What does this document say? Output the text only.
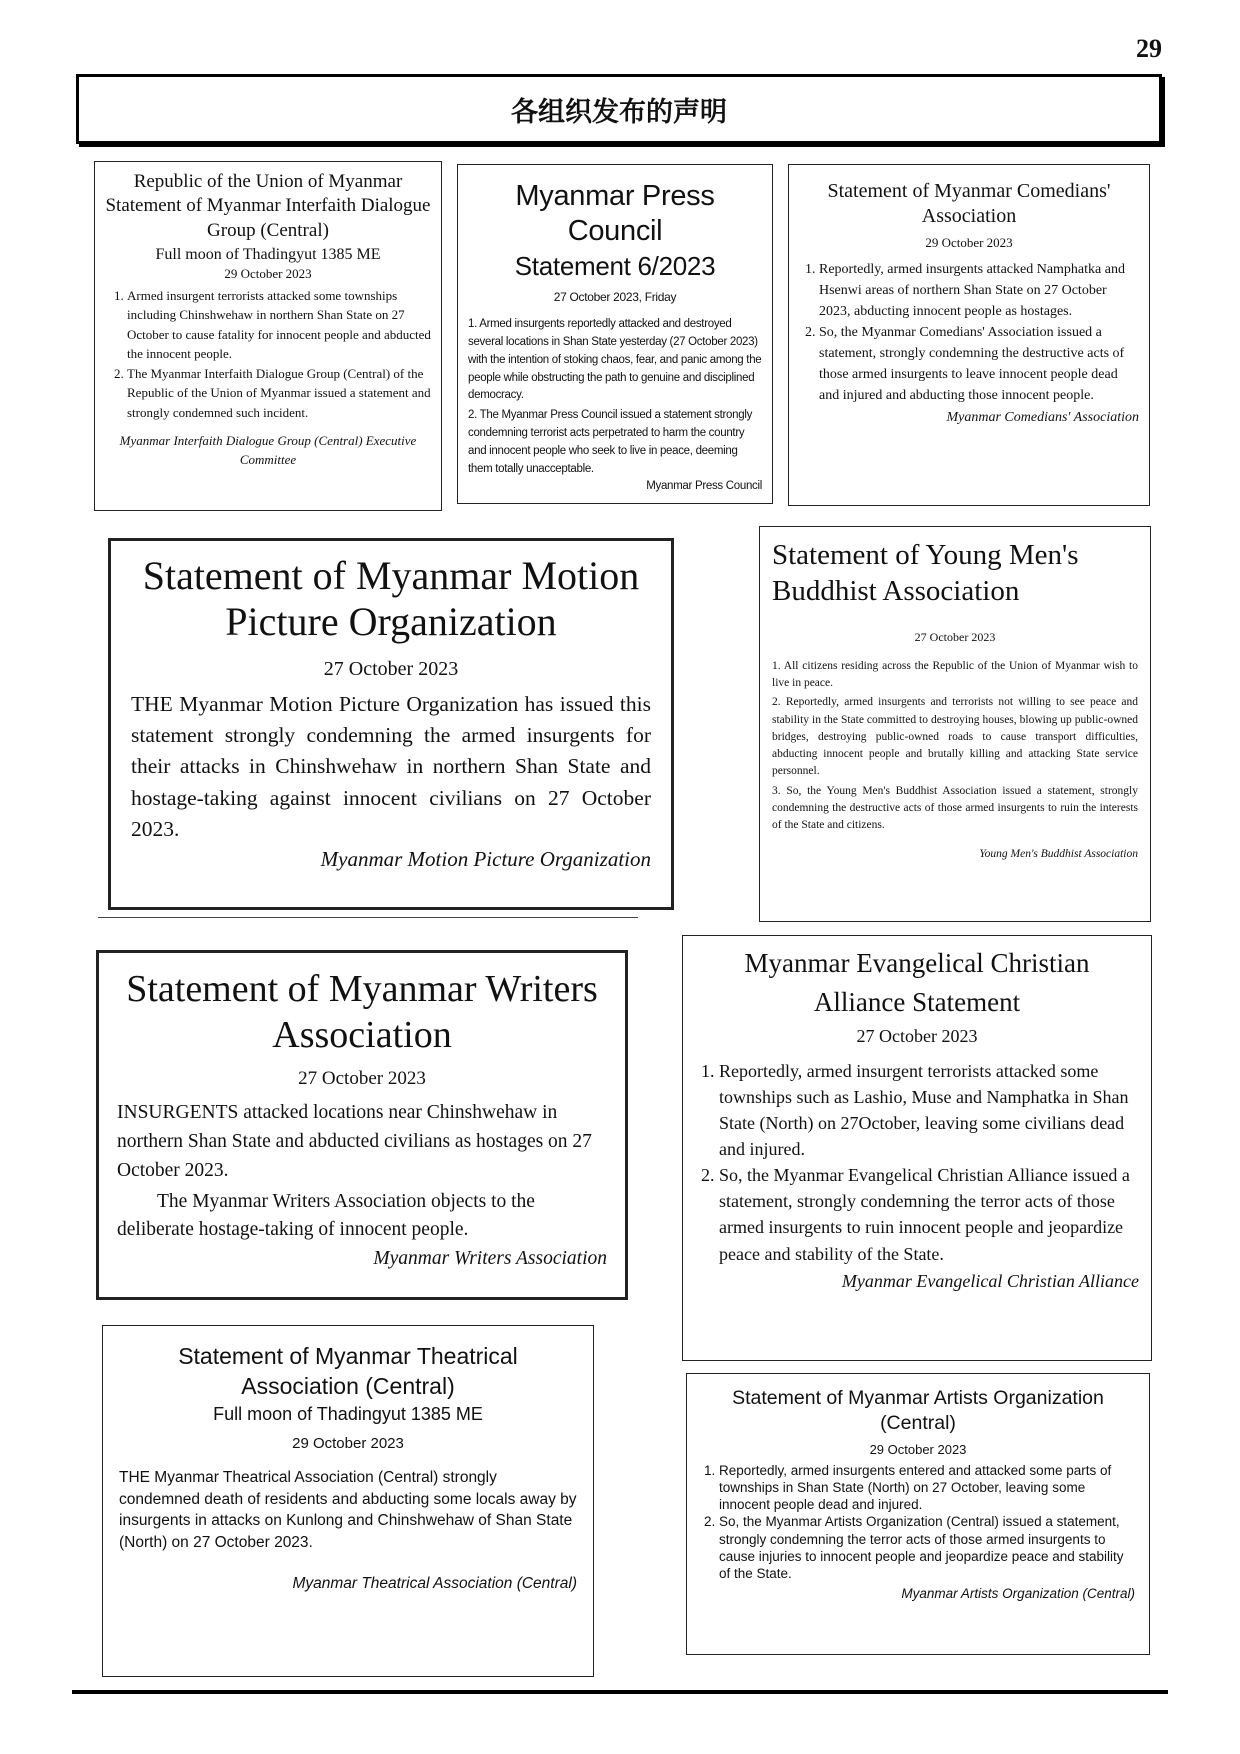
29
各组织发布的声明

Republic of the Union of Myanmar Statement of Myanmar Interfaith Dialogue Group (Central)

Full moon of Thadingyut 1385 ME

29 October 2023

1. Armed insurgent terrorists attacked some townships including Chinshwehaw in northern Shan State on 27 October to cause fatality for innocent people and abducted the innocent people.
2. The Myanmar Interfaith Dialogue Group (Central) of the Republic of the Union of Myanmar issued a statement and strongly condemned such incident.

Myanmar Interfaith Dialogue Group (Central) Executive Committee

Myanmar Press Council

Statement 6/2023

27 October 2023, Friday

1. Armed insurgents reportedly attacked and destroyed several locations in Shan State yesterday (27 October 2023) with the intention of stoking chaos, fear, and panic among the people while obstructing the path to genuine and disciplined democracy.

2. The Myanmar Press Council issued a statement strongly condemning terrorist acts perpetrated to harm the country and innocent people who seek to live in peace, deeming them totally unacceptable.

Myanmar Press Council

Statement of Myanmar Comedians' Association

29 October 2023

1. Reportedly, armed insurgents attacked Namphatka and Hsenwi areas of northern Shan State on 27 October 2023, abducting innocent people as hostages.
2. So, the Myanmar Comedians' Association issued a statement, strongly condemning the destructive acts of those armed insurgents to leave innocent people dead and injured and abducting those innocent people.

Myanmar Comedians' Association

Statement of Myanmar Motion Picture Organization

27 October 2023

THE Myanmar Motion Picture Organization has issued this statement strongly condemning the armed insurgents for their attacks in Chinshwehaw in northern Shan State and hostage-taking against innocent civilians on 27 October 2023.

Myanmar Motion Picture Organization

Statement of Young Men's Buddhist Association

27 October 2023

1. All citizens residing across the Republic of the Union of Myanmar wish to live in peace.

2. Reportedly, armed insurgents and terrorists not willing to see peace and stability in the State committed to destroying houses, blowing up public-owned bridges, destroying public-owned roads to cause transport difficulties, abducting innocent people and brutally killing and attacking State service personnel.

3. So, the Young Men's Buddhist Association issued a statement, strongly condemning the destructive acts of those armed insurgents to ruin the interests of the State and citizens.

Young Men's Buddhist Association

Statement of Myanmar Writers Association

27 October 2023

INSURGENTS attacked locations near Chinshwehaw in northern Shan State and abducted civilians as hostages on 27 October 2023.

The Myanmar Writers Association objects to the deliberate hostage-taking of innocent people.

Myanmar Writers Association

Myanmar Evangelical Christian Alliance Statement

27 October 2023

1. Reportedly, armed insurgent terrorists attacked some townships such as Lashio, Muse and Namphatka in Shan State (North) on 27October, leaving some civilians dead and injured.
2. So, the Myanmar Evangelical Christian Alliance issued a statement, strongly condemning the terror acts of those armed insurgents to ruin innocent people and jeopardize peace and stability of the State.

Myanmar Evangelical Christian Alliance

Statement of Myanmar Theatrical Association (Central)

Full moon of Thadingyut 1385 ME

29 October 2023

THE Myanmar Theatrical Association (Central) strongly condemned death of residents and abducting some locals away by insurgents in attacks on Kunlong and Chinshwehaw of Shan State (North) on 27 October 2023.

Myanmar Theatrical Association (Central)

Statement of Myanmar Artists Organization (Central)

29 October 2023

1. Reportedly, armed insurgents entered and attacked some parts of townships in Shan State (North) on 27 October, leaving some innocent people dead and injured.
2. So, the Myanmar Artists Organization (Central) issued a statement, strongly condemning the terror acts of those armed insurgents to cause injuries to innocent people and jeopardize peace and stability of the State.

Myanmar Artists Organization (Central)
